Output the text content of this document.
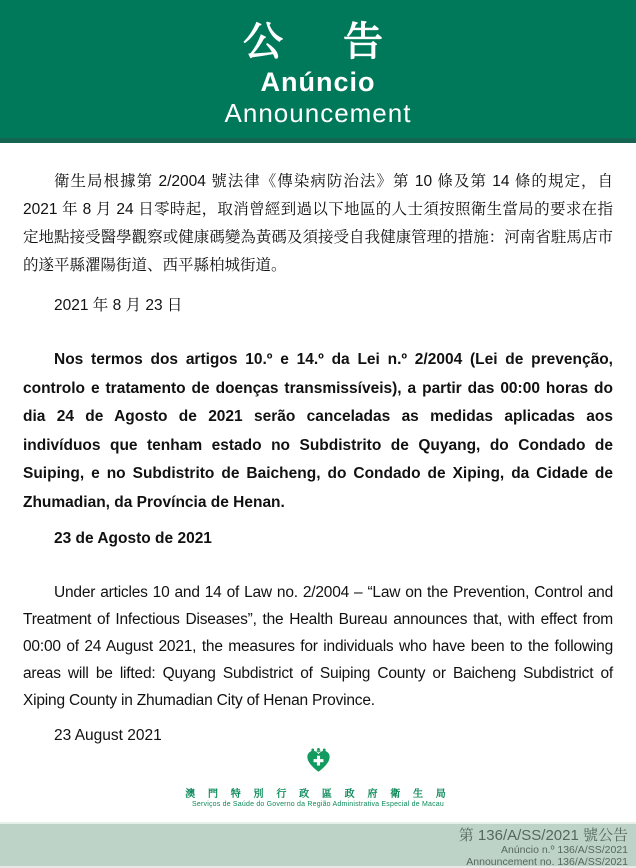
公　告
Anúncio
Announcement

衛生局根據第 2/2004 號法律《傳染病防治法》第 10 條及第 14 條的規定，自 2021 年 8 月 24 日零時起，取消曾經到過以下地區的人士須按照衛生當局的要求在指定地點接受醫學觀察或健康碼變為黃碼及須接受自我健康管理的措施：河南省駐馬店市的遂平縣灈陽街道、西平縣柏城街道。

2021 年 8 月 23 日

Nos termos dos artigos 10.º e 14.º da Lei n.º 2/2004 (Lei de prevenção, controlo e tratamento de doenças transmissíveis), a partir das 00:00 horas do dia 24 de Agosto de 2021 serão canceladas as medidas aplicadas aos indivíduos que tenham estado no Subdistrito de Quyang, do Condado de Suiping, e no Subdistrito de Baicheng, do Condado de Xiping, da Cidade de Zhumadian, da Província de Henan.

23 de Agosto de 2021

Under articles 10 and 14 of Law no. 2/2004 – “Law on the Prevention, Control and Treatment of Infectious Diseases”, the Health Bureau announces that, with effect from 00:00 of 24 August 2021, the measures for individuals who have been to the following areas will be lifted: Quyang Subdistrict of Suiping County or Baicheng Subdistrict of Xiping County in Zhumadian City of Henan Province.

23 August 2021

澳 門 特 別 行 政 區 政 府 衛 生 局
Serviços de Saúde do Governo da Região Administrativa Especial de Macau
第 136/A/SS/2021 號公告
Anúncio n.º 136/A/SS/2021
Announcement no. 136/A/SS/2021
